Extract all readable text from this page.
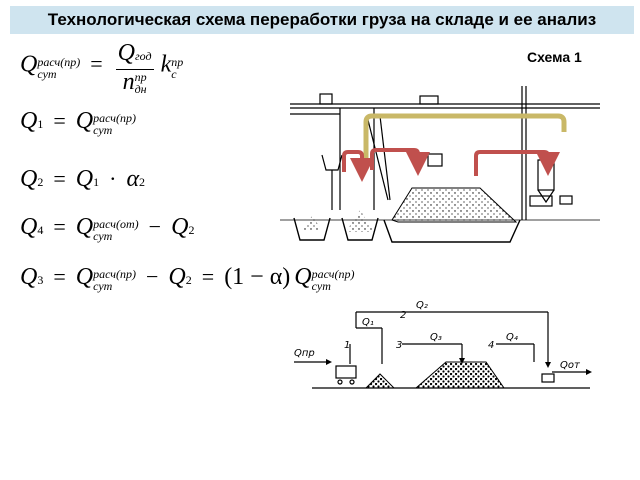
Технологическая схема переработки груза на складе и ее анализ
Схема 1
Qрасч(пр)
сут = Qгод
nпр
дн
kпр
с
Q1 = Qрасч(пр)
сут
Q2 = Q1 · α2
Q4 = Qрасч(от)
сут − Q2
Q3 = Qрасч(пр)
сут − Q2 = (1 − α) Qрасч(пр)
сут
Q₂
Q₁
Q₃	Q₄
Qпр
Qот
1
2
3	4
